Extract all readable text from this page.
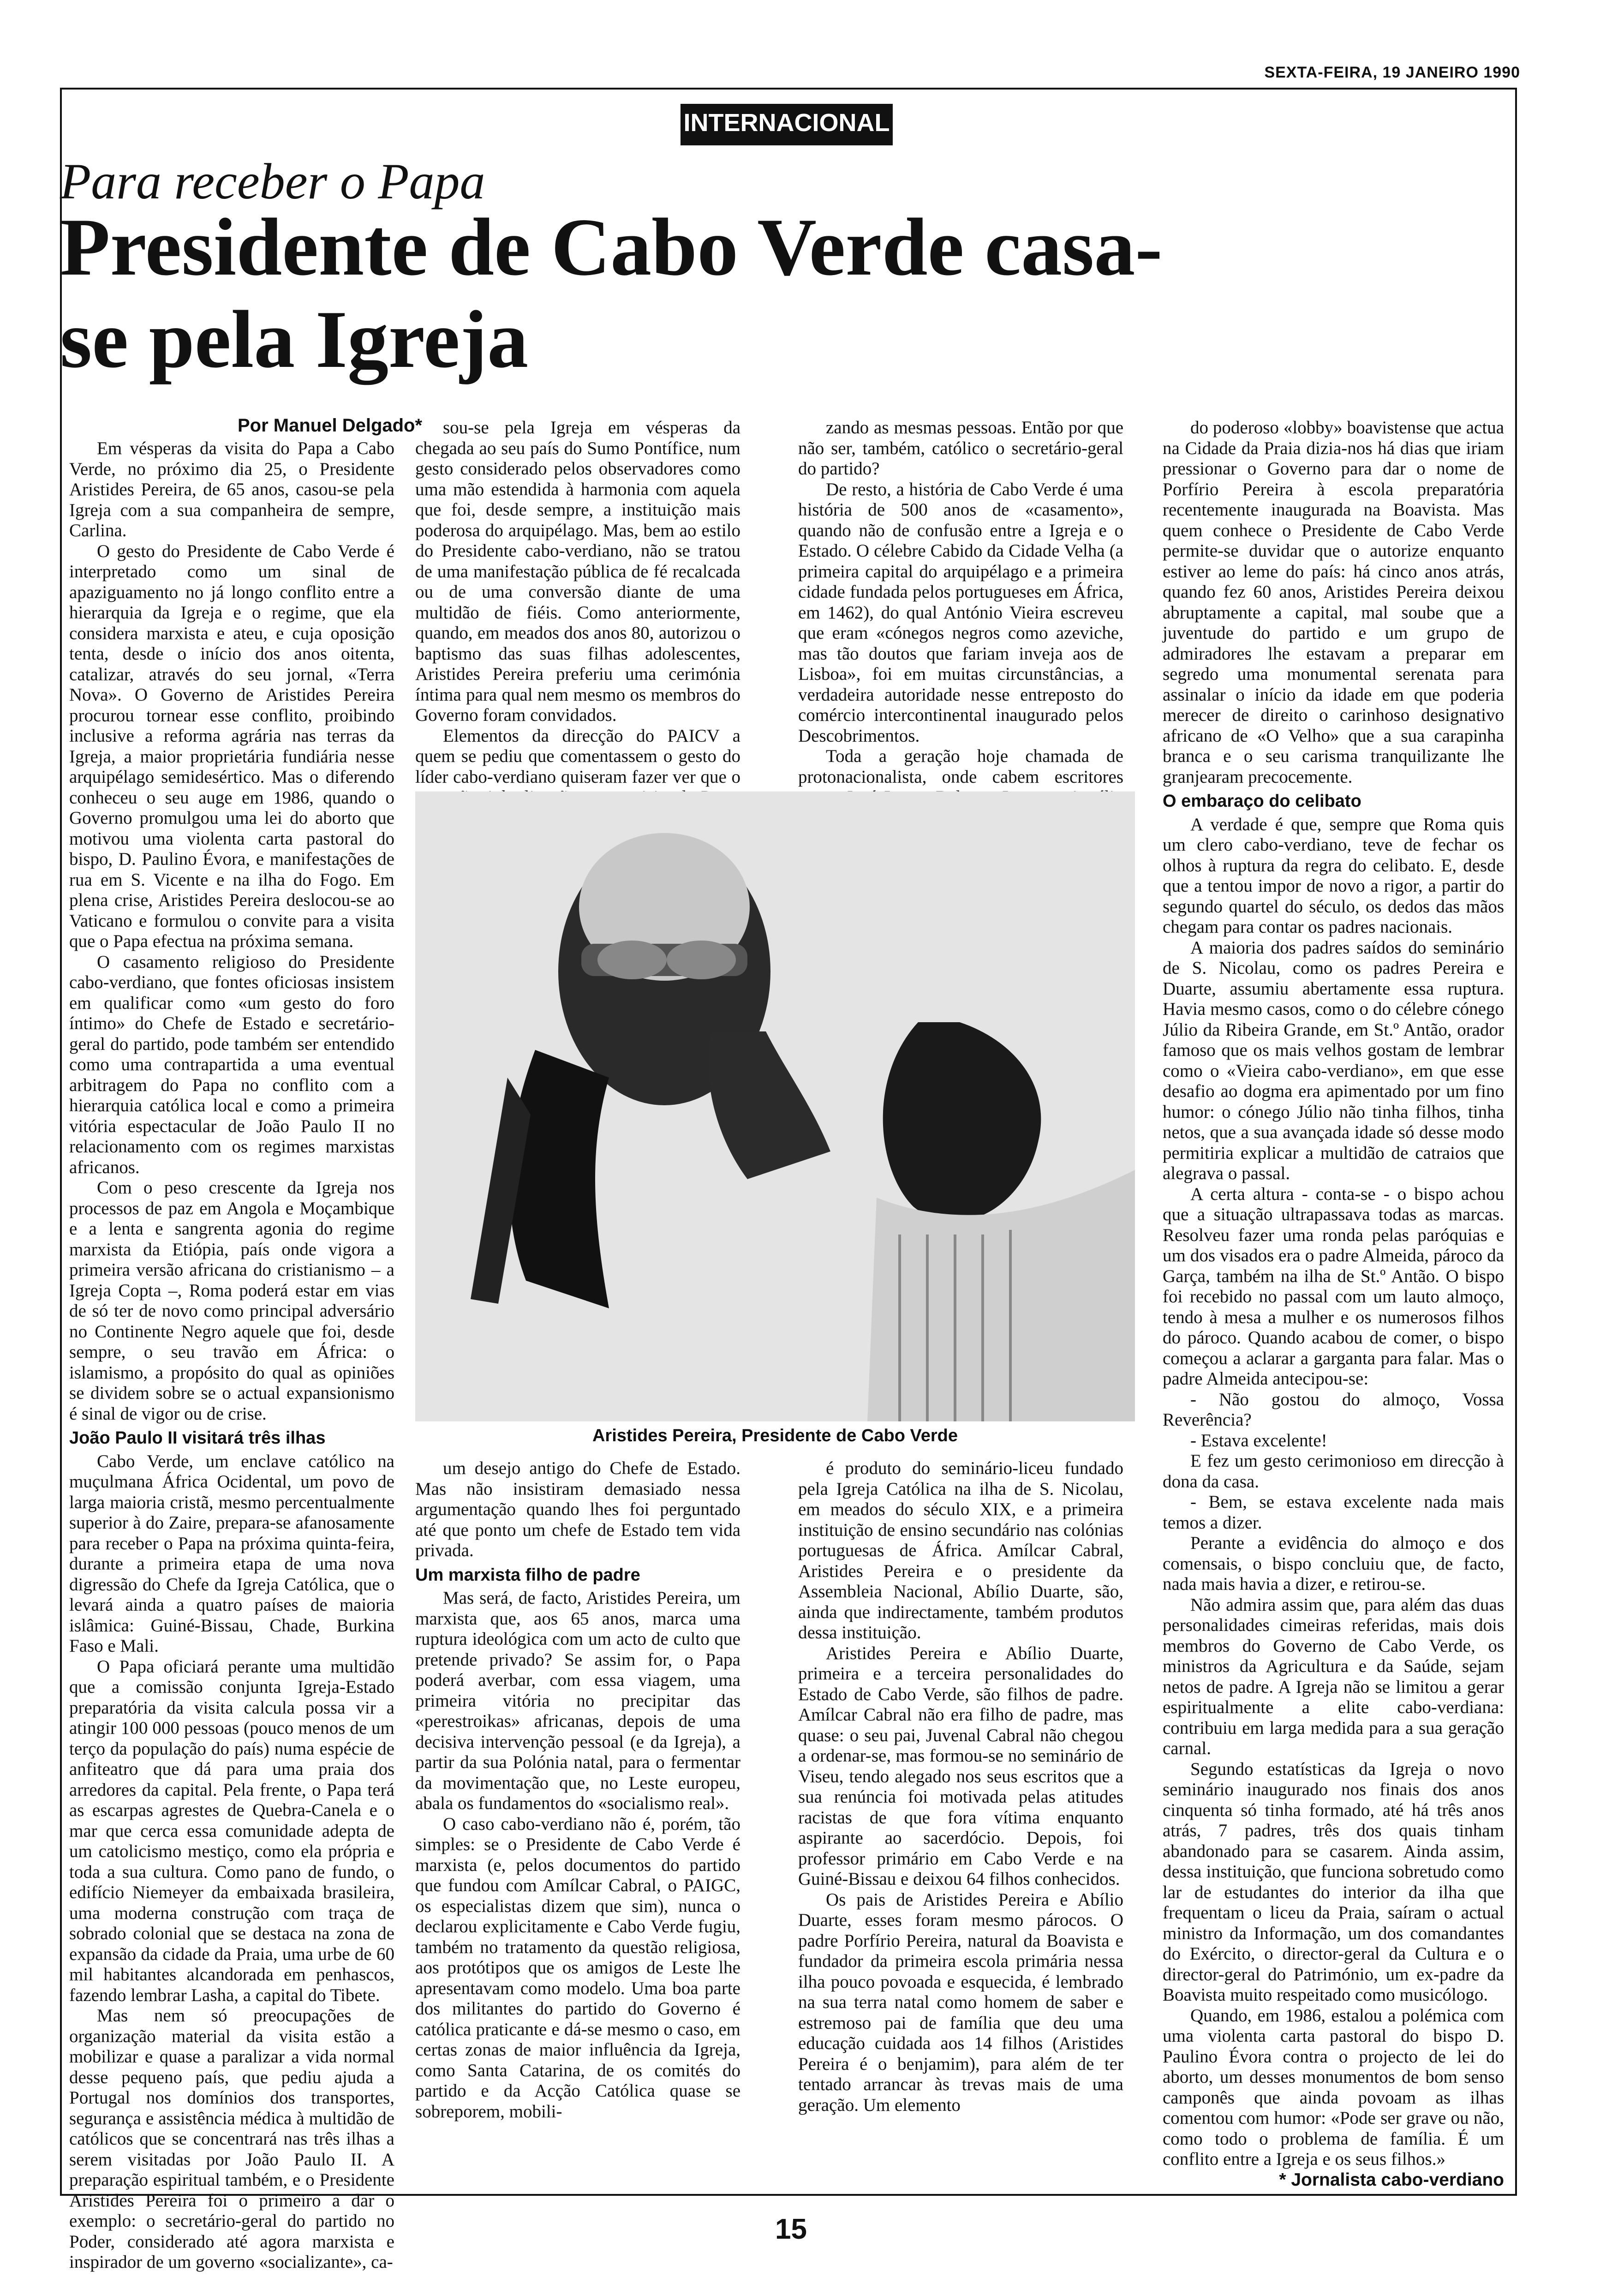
SEXTA-FEIRA, 19 JANEIRO 1990
INTERNACIONAL
Para receber o Papa
Presidente de Cabo Verde casa-se pela Igreja
Por Manuel Delgado*

Em vésperas da visita do Papa a Cabo Verde, no próximo dia 25, o Presidente Aristides Pereira, de 65 anos, casou-se pela Igreja com a sua companheira de sempre, Carlina.

O gesto do Presidente de Cabo Verde é interpretado como um sinal de apaziguamento no já longo conflito entre a hierarquia da Igreja e o regime, que ela considera marxista e ateu, e cuja oposição tenta, desde o início dos anos oitenta, catalizar, através do seu jornal, «Terra Nova». O Governo de Aristides Pereira procurou tornear esse conflito, proibindo inclusive a reforma agrária nas terras da Igreja, a maior proprietária fundiária nesse arquipélago semidesértico. Mas o diferendo conheceu o seu auge em 1986, quando o Governo promulgou uma lei do aborto que motivou uma violenta carta pastoral do bispo, D. Paulino Évora, e manifestações de rua em S. Vicente e na ilha do Fogo. Em plena crise, Aristides Pereira deslocou-se ao Vaticano e formulou o convite para a visita que o Papa efectua na próxima semana.

O casamento religioso do Presidente cabo-verdiano, que fontes oficiosas insistem em qualificar como «um gesto do foro íntimo» do Chefe de Estado e secretário-geral do partido, pode também ser entendido como uma contrapartida a uma eventual arbitragem do Papa no conflito com a hierarquia católica local e como a primeira vitória espectacular de João Paulo II no relacionamento com os regimes marxistas africanos.

Com o peso crescente da Igreja nos processos de paz em Angola e Moçambique e a lenta e sangrenta agonia do regime marxista da Etiópia, país onde vigora a primeira versão africana do cristianismo – a Igreja Copta –, Roma poderá estar em vias de só ter de novo como principal adversário no Continente Negro aquele que foi, desde sempre, o seu travão em África: o islamismo, a propósito do qual as opiniões se dividem sobre se o actual expansionismo é sinal de vigor ou de crise.

João Paulo II visitará três ilhas

Cabo Verde, um enclave católico na muçulmana África Ocidental, um povo de larga maioria cristã, mesmo percentualmente superior à do Zaire, prepara-se afanosamente para receber o Papa na próxima quinta-feira, durante a primeira etapa de uma nova digressão do Chefe da Igreja Católica, que o levará ainda a quatro países de maioria islâmica: Guiné-Bissau, Chade, Burkina Faso e Mali.

O Papa oficiará perante uma multidão que a comissão conjunta Igreja-Estado preparatória da visita calcula possa vir a atingir 100 000 pessoas (pouco menos de um terço da população do país) numa espécie de anfiteatro que dá para uma praia dos arredores da capital. Pela frente, o Papa terá as escarpas agrestes de Quebra-Canela e o mar que cerca essa comunidade adepta de um catolicismo mestiço, como ela própria e toda a sua cultura. Como pano de fundo, o edifício Niemeyer da embaixada brasileira, uma moderna construção com traça de sobrado colonial que se destaca na zona de expansão da cidade da Praia, uma urbe de 60 mil habitantes alcandorada em penhascos, fazendo lembrar Lasha, a capital do Tibete.

Mas nem só preocupações de organização material da visita estão a mobilizar e quase a paralizar a vida normal desse pequeno país, que pediu ajuda a Portugal nos domínios dos transportes, segurança e assistência médica à multidão de católicos que se concentrará nas três ilhas a serem visitadas por João Paulo II. A preparação espiritual também, e o Presidente Aristides Pereira foi o primeiro a dar o exemplo: o secretário-geral do partido no Poder, considerado até agora marxista e inspirador de um governo «socializante», ca-

sou-se pela Igreja em vésperas da chegada ao seu país do Sumo Pontífice, num gesto considerado pelos observadores como uma mão estendida à harmonia com aquela que foi, desde sempre, a instituição mais poderosa do arquipélago. Mas, bem ao estilo do Presidente cabo-verdiano, não se tratou de uma manifestação pública de fé recalcada ou de uma conversão diante de uma multidão de fiéis. Como anteriormente, quando, em meados dos anos 80, autorizou o baptismo das suas filhas adolescentes, Aristides Pereira preferiu uma cerimónia íntima para qual nem mesmo os membros do Governo foram convidados.

Elementos da direcção do PAICV a quem se pediu que comentassem o gesto do líder cabo-verdiano quiseram fazer ver que o

zando as mesmas pessoas. Então por que não ser, também, católico o secretário-geral do partido?

De resto, a história de Cabo Verde é uma história de 500 anos de «casamento», quando não de confusão entre a Igreja e o Estado. O célebre Cabido da Cidade Velha (a primeira capital do arquipélago e a primeira cidade fundada pelos portugueses em África, em 1462), do qual António Vieira escreveu que eram «cónegos negros como azeviche, mas tão doutos que fariam inveja aos de Lisboa», foi em muitas circunstâncias, a verdadeira autoridade nesse entreposto do comércio intercontinental inaugurado pelos Descobrimentos.

Toda a geração hoje chamada de protonacionalista, onde cabem escritores

Aristides Pereira, Presidente de Cabo Verde

um desejo antigo do Chefe de Estado. Mas não insistiram demasiado nessa argumentação quando lhes foi perguntado até que ponto um chefe de Estado tem vida privada.

Um marxista filho de padre

Mas será, de facto, Aristides Pereira, um marxista que, aos 65 anos, marca uma ruptura ideológica com um acto de culto que pretende privado? Se assim for, o Papa poderá averbar, com essa viagem, uma primeira vitória no precipitar das «perestroikas» africanas, depois de uma decisiva intervenção pessoal (e da Igreja), a partir da sua Polónia natal, para o fermentar da movimentação que, no Leste europeu, abala os fundamentos do «socialismo real».

O caso cabo-verdiano não é, porém, tão simples: se o Presidente de Cabo Verde é marxista (e, pelos documentos do partido que fundou com Amílcar Cabral, o PAIGC, os especialistas dizem que sim), nunca o declarou explicitamente e Cabo Verde fugiu, também no tratamento da questão religiosa, aos protótipos que os amigos de Leste lhe apresentavam como modelo. Uma boa parte dos militantes do partido do Governo é católica praticante e dá-se mesmo o caso, em certas zonas de maior influência da Igreja, como Santa Catarina, de os comités do partido e da Acção Católica quase se sobreporem, mobili-

é produto do seminário-liceu fundado pela Igreja Católica na ilha de S. Nicolau, em meados do século XIX, e a primeira instituição de ensino secundário nas colónias portuguesas de África. Amílcar Cabral, Aristides Pereira e o presidente da Assembleia Nacional, Abílio Duarte, são, ainda que indirectamente, também produtos dessa instituição.

Aristides Pereira e Abílio Duarte, primeira e a terceira personalidades do Estado de Cabo Verde, são filhos de padre. Amílcar Cabral não era filho de padre, mas quase: o seu pai, Juvenal Cabral não chegou a ordenar-se, mas formou-se no seminário de Viseu, tendo alegado nos seus escritos que a sua renúncia foi motivada pelas atitudes racistas de que fora vítima enquanto aspirante ao sacerdócio. Depois, foi professor primário em Cabo Verde e na Guiné-Bissau e deixou 64 filhos conhecidos.

Os pais de Aristides Pereira e Abílio Duarte, esses foram mesmo párocos. O padre Porfírio Pereira, natural da Boavista e fundador da primeira escola primária nessa ilha pouco povoada e esquecida, é lembrado na sua terra natal como homem de saber e estremoso pai de família que deu uma educação cuidada aos 14 filhos (Aristides Pereira é o benjamim), para além de ter tentado arrancar às trevas mais de uma geração. Um elemento

do poderoso «lobby» boavistense que actua na Cidade da Praia dizia-nos há dias que iriam pressionar o Governo para dar o nome de Porfírio Pereira à escola preparatória recentemente inaugurada na Boavista. Mas quem conhece o Presidente de Cabo Verde permite-se duvidar que o autorize enquanto estiver ao leme do país: há cinco anos atrás, quando fez 60 anos, Aristides Pereira deixou abruptamente a capital, mal soube que a juventude do partido e um grupo de admiradores lhe estavam a preparar em segredo uma monumental serenata para assinalar o início da idade em que poderia merecer de direito o carinhoso designativo africano de «O Velho» que a sua carapinha branca e o seu carisma tranquilizante lhe granjearam precocemente.

O embaraço do celibato

A verdade é que, sempre que Roma quis um clero cabo-verdiano, teve de fechar os olhos à ruptura da regra do celibato. E, desde que a tentou impor de novo a rigor, a partir do segundo quartel do século, os dedos das mãos chegam para contar os padres nacionais.

A maioria dos padres saídos do seminário de S. Nicolau, como os padres Pereira e Duarte, assumiu abertamente essa ruptura. Havia mesmo casos, como o do célebre cónego Júlio da Ribeira Grande, em St.º Antão, orador famoso que os mais velhos gostam de lembrar como o «Vieira cabo-verdiano», em que esse desafio ao dogma era apimentado por um fino humor: o cónego Júlio não tinha filhos, tinha netos, que a sua avançada idade só desse modo permitiria explicar a multidão de catraios que alegrava o passal.

A certa altura - conta-se - o bispo achou que a situação ultrapassava todas as marcas. Resolveu fazer uma ronda pelas paróquias e um dos visados era o padre Almeida, pároco da Garça, também na ilha de St.º Antão. O bispo foi recebido no passal com um lauto almoço, tendo à mesa a mulher e os numerosos filhos do pároco. Quando acabou de comer, o bispo começou a aclarar a garganta para falar. Mas o padre Almeida antecipou-se:

- Não gostou do almoço, Vossa Reverência?

- Estava excelente!

E fez um gesto cerimonioso em direcção à dona da casa.

- Bem, se estava excelente nada mais temos a dizer.

Perante a evidência do almoço e dos comensais, o bispo concluiu que, de facto, nada mais havia a dizer, e retirou-se.

Não admira assim que, para além das duas personalidades cimeiras referidas, mais dois membros do Governo de Cabo Verde, os ministros da Agricultura e da Saúde, sejam netos de padre. A Igreja não se limitou a gerar espiritualmente a elite cabo-verdiana: contribuiu em larga medida para a sua geração carnal.

Segundo estatísticas da Igreja o novo seminário inaugurado nos finais dos anos cinquenta só tinha formado, até há três anos atrás, 7 padres, três dos quais tinham abandonado para se casarem. Ainda assim, dessa instituição, que funciona sobretudo como lar de estudantes do interior da ilha que frequentam o liceu da Praia, saíram o actual ministro da Informação, um dos comandantes do Exército, o director-geral da Cultura e o director-geral do Património, um ex-padre da Boavista muito respeitado como musicólogo.

Quando, em 1986, estalou a polémica com uma violenta carta pastoral do bispo D. Paulino Évora contra o projecto de lei do aborto, um desses monumentos de bom senso camponês que ainda povoam as ilhas comentou com humor: «Pode ser grave ou não, como todo o problema de família. É um conflito entre a Igreja e os seus filhos.»

* Jornalista cabo-verdiano

15
